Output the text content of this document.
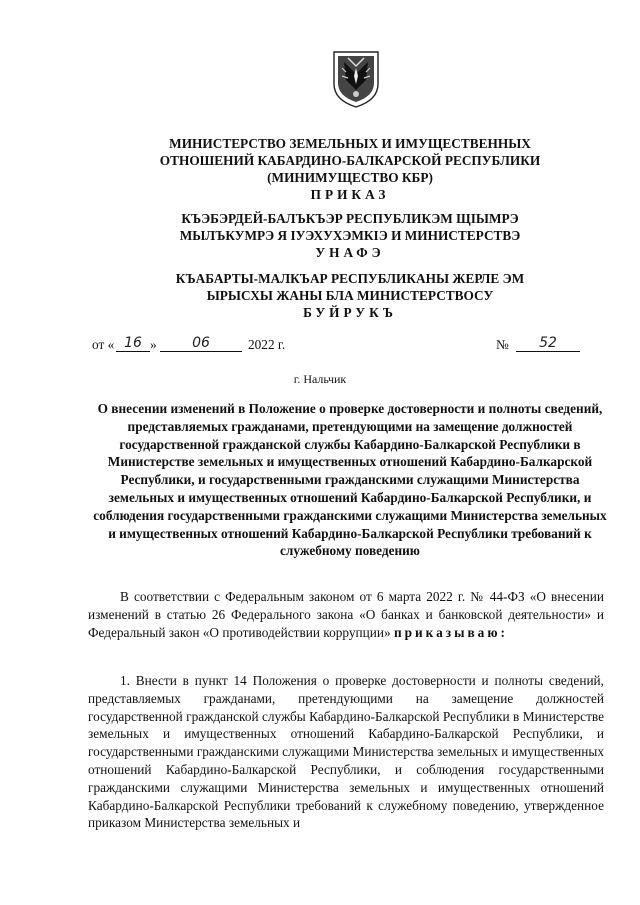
МИНИСТЕРСТВО ЗЕМЕЛЬНЫХ И ИМУЩЕСТВЕННЫХ
ОТНОШЕНИЙ КАБАРДИНО-БАЛКАРСКОЙ РЕСПУБЛИКИ
(МИНИМУЩЕСТВО КБР)
ПРИКАЗ
КЪЭБЭРДЕЙ-БАЛЪКЪЭР РЕСПУБЛИКЭМ ЩIЫМРЭ
МЫЛЪКУМРЭ Я IУЭХУХЭМКIЭ И МИНИСТЕРСТВЭ
УНАФЭ
КЪАБАРТЫ-МАЛКЪАР РЕСПУБЛИКАНЫ ЖЕРЛЕ ЭМ
ЫРЫСХЫ ЖАНЫ БЛА МИНИСТЕРСТВОСУ
БУЙРУКЪ
от « 16 »	06	2022 г.	№	52
г. Нальчик
О внесении изменений в Положение о проверке достоверности и полноты сведений, представляемых гражданами, претендующими на замещение должностей государственной гражданской службы Кабардино-Балкарской Республики в Министерстве земельных и имущественных отношений Кабардино-Балкарской Республики, и государственными гражданскими служащими Министерства земельных и имущественных отношений Кабардино-Балкарской Республики, и соблюдения государственными гражданскими служащими Министерства земельных и имущественных отношений Кабардино-Балкарской Республики требований к служебному поведению
В соответствии с Федеральным законом от 6 марта 2022 г. № 44-ФЗ «О внесении изменений в статью 26 Федерального закона «О банках и банковской деятельности» и Федеральный закон «О противодействии коррупции» приказываю:
1. Внести в пункт 14 Положения о проверке достоверности и полноты сведений, представляемых гражданами, претендующими на замещение должностей государственной гражданской службы Кабардино-Балкарской Республики в Министерстве земельных и имущественных отношений Кабардино-Балкарской Республики, и государственными гражданскими служащими Министерства земельных и имущественных отношений Кабардино-Балкарской Республики, и соблюдения государственными гражданскими служащими Министерства земельных и имущественных отношений Кабардино-Балкарской Республики требований к служебному поведению, утвержденное приказом Министерства земельных и
